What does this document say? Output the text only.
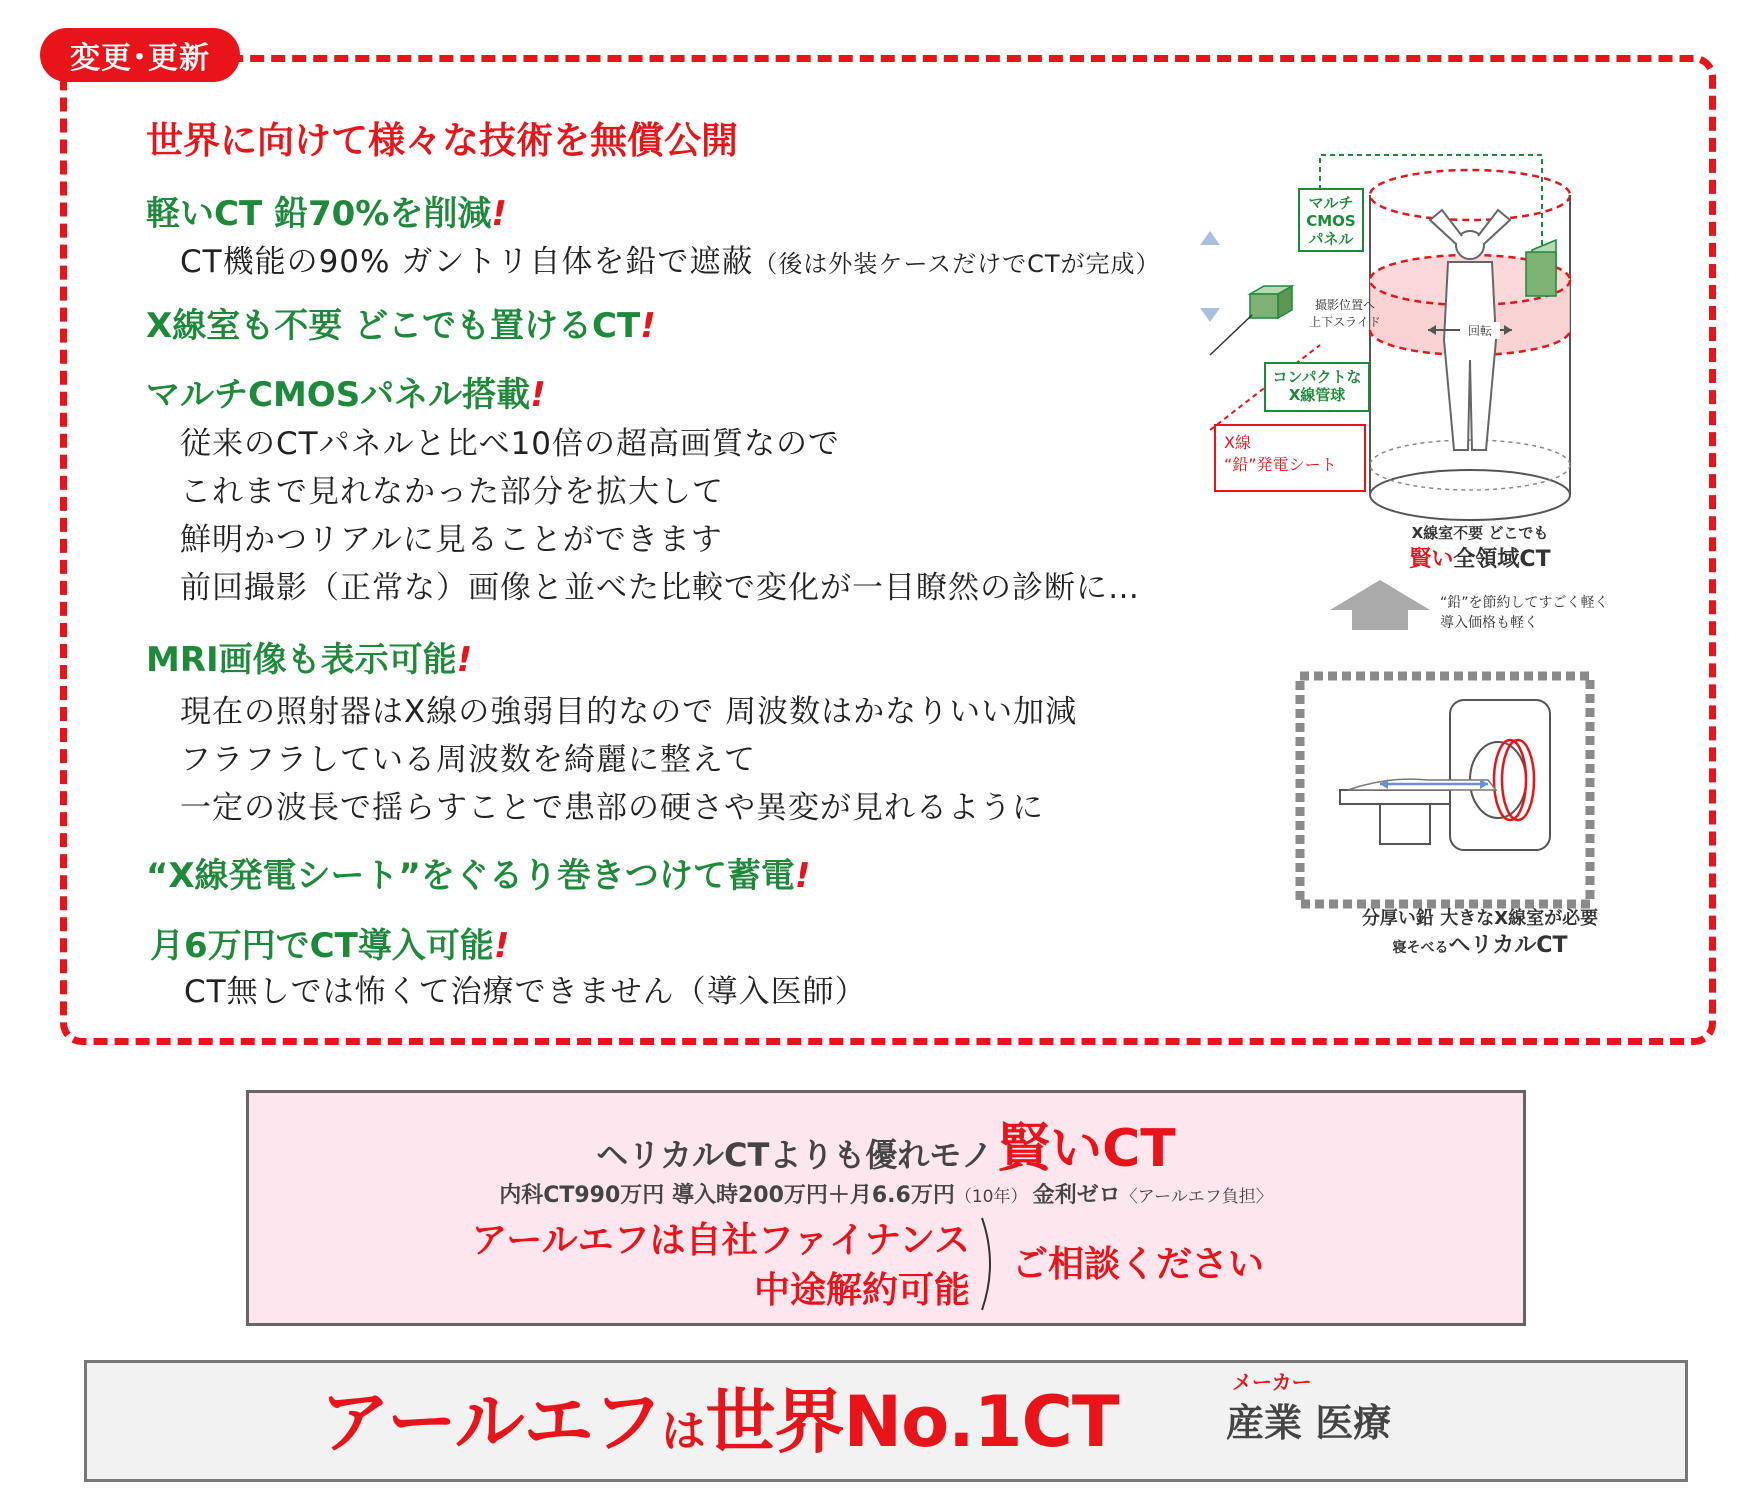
変更･更新
世界に向けて様々な技術を無償公開
軽いCT 鉛70%を削減!
CT機能の90% ガントリ自体を鉛で遮蔽（後は外装ケースだけでCTが完成）
X線室も不要 どこでも置けるCT!
マルチCMOSパネル搭載!
従来のCTパネルと比べ10倍の超高画質なので
これまで見れなかった部分を拡大して
鮮明かつリアルに見ることができます
前回撮影（正常な）画像と並べた比較で変化が一目瞭然の診断に…
MRI画像も表示可能!
現在の照射器はX線の強弱目的なので 周波数はかなりいい加減
フラフラしている周波数を綺麗に整えて
一定の波長で揺らすことで患部の硬さや異変が見れるように
“X線発電シート”をぐるり巻きつけて蓄電!
月6万円でCT導入可能!
CT無しでは怖くて治療できません（導入医師）
マルチ
CMOS
パネル
撮影位置へ
上下スライド
コンパクトな
X線管球
回転
X線
“鉛”発電シート
X線室不要 どこでも
賢い全領域CT
“鉛”を節約してすごく軽く
導入価格も軽く
分厚い鉛 大きなX線室が必要
寝そべるヘリカルCT
ヘリカルCTよりも優れモノ 賢いCT
内科CT990万円 導入時200万円＋月6.6万円（10年） 金利ゼロ〈アールエフ負担〉
アールエフは自社ファイナンス
中途解約可能
ご相談ください
アールエフは世界No.1CT	メーカー
産業 医療
